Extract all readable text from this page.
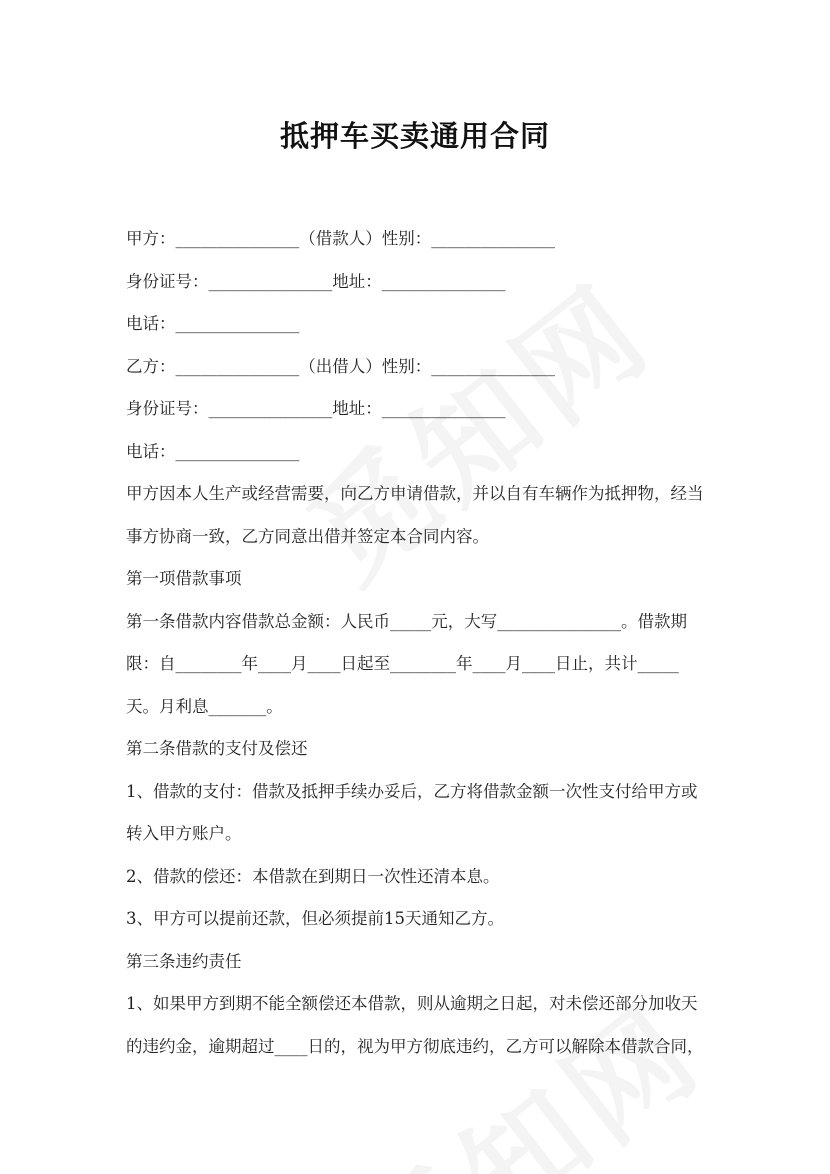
抵押车买卖通用合同

甲方：_______________（借款人）性别：_______________

身份证号：_______________地址：_______________

电话：_______________

乙方：_______________（出借人）性别：_______________

身份证号：_______________地址：_______________

电话：_______________

甲方因本人生产或经营需要，向乙方申请借款，并以自有车辆作为抵押物，经当

事方协商一致，乙方同意出借并签定本合同内容。

第一项借款事项

第一条借款内容借款总金额：人民币_____元，大写_______________。借款期

限：自________年____月____日起至________年____月____日止，共计_____

天。月利息_______。

第二条借款的支付及偿还

1、借款的支付：借款及抵押手续办妥后，乙方将借款金额一次性支付给甲方或

转入甲方账户。

2、借款的偿还：本借款在到期日一次性还清本息。

3、甲方可以提前还款，但必须提前15天通知乙方。

第三条违约责任

1、如果甲方到期不能全额偿还本借款，则从逾期之日起，对未偿还部分加收天

的违约金，逾期超过____日的，视为甲方彻底违约，乙方可以解除本借款合同，
